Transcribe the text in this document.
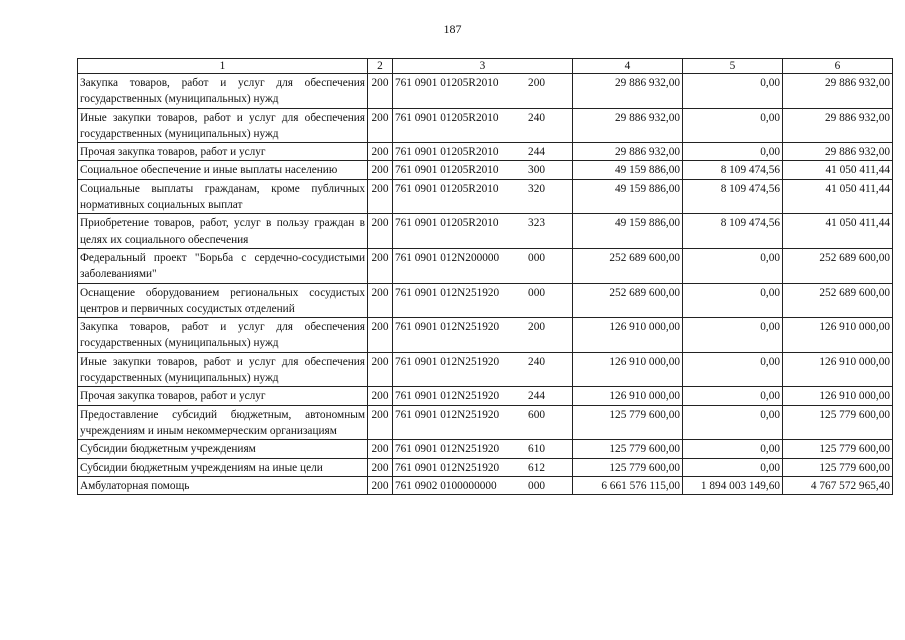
187
1	2	3	4	5	6
Закупка товаров, работ и услуг для обеспечения государственных (муниципальных) нужд	200	761 0901 01205R2010 200	29 886 932,00	0,00	29 886 932,00
Иные закупки товаров, работ и услуг для обеспечения государственных (муниципальных) нужд	200	761 0901 01205R2010 240	29 886 932,00	0,00	29 886 932,00
Прочая закупка товаров, работ и услуг	200	761 0901 01205R2010 244	29 886 932,00	0,00	29 886 932,00
Социальное обеспечение и иные выплаты населению	200	761 0901 01205R2010 300	49 159 886,00	8 109 474,56	41 050 411,44
Социальные выплаты гражданам, кроме публичных нормативных социальных выплат	200	761 0901 01205R2010 320	49 159 886,00	8 109 474,56	41 050 411,44
Приобретение товаров, работ, услуг в пользу граждан в целях их социального обеспечения	200	761 0901 01205R2010 323	49 159 886,00	8 109 474,56	41 050 411,44
Федеральный проект "Борьба с сердечно-сосудистыми заболеваниями"	200	761 0901 012N200000 000	252 689 600,00	0,00	252 689 600,00
Оснащение оборудованием региональных сосудистых центров и первичных сосудистых отделений	200	761 0901 012N251920 000	252 689 600,00	0,00	252 689 600,00
Закупка товаров, работ и услуг для обеспечения государственных (муниципальных) нужд	200	761 0901 012N251920 200	126 910 000,00	0,00	126 910 000,00
Иные закупки товаров, работ и услуг для обеспечения государственных (муниципальных) нужд	200	761 0901 012N251920 240	126 910 000,00	0,00	126 910 000,00
Прочая закупка товаров, работ и услуг	200	761 0901 012N251920 244	126 910 000,00	0,00	126 910 000,00
Предоставление субсидий бюджетным, автономным учреждениям и иным некоммерческим организациям	200	761 0901 012N251920 600	125 779 600,00	0,00	125 779 600,00
Субсидии бюджетным учреждениям	200	761 0901 012N251920 610	125 779 600,00	0,00	125 779 600,00
Субсидии бюджетным учреждениям на иные цели	200	761 0901 012N251920 612	125 779 600,00	0,00	125 779 600,00
Амбулаторная помощь	200	761 0902 0100000000 000	6 661 576 115,00	1 894 003 149,60	4 767 572 965,40
